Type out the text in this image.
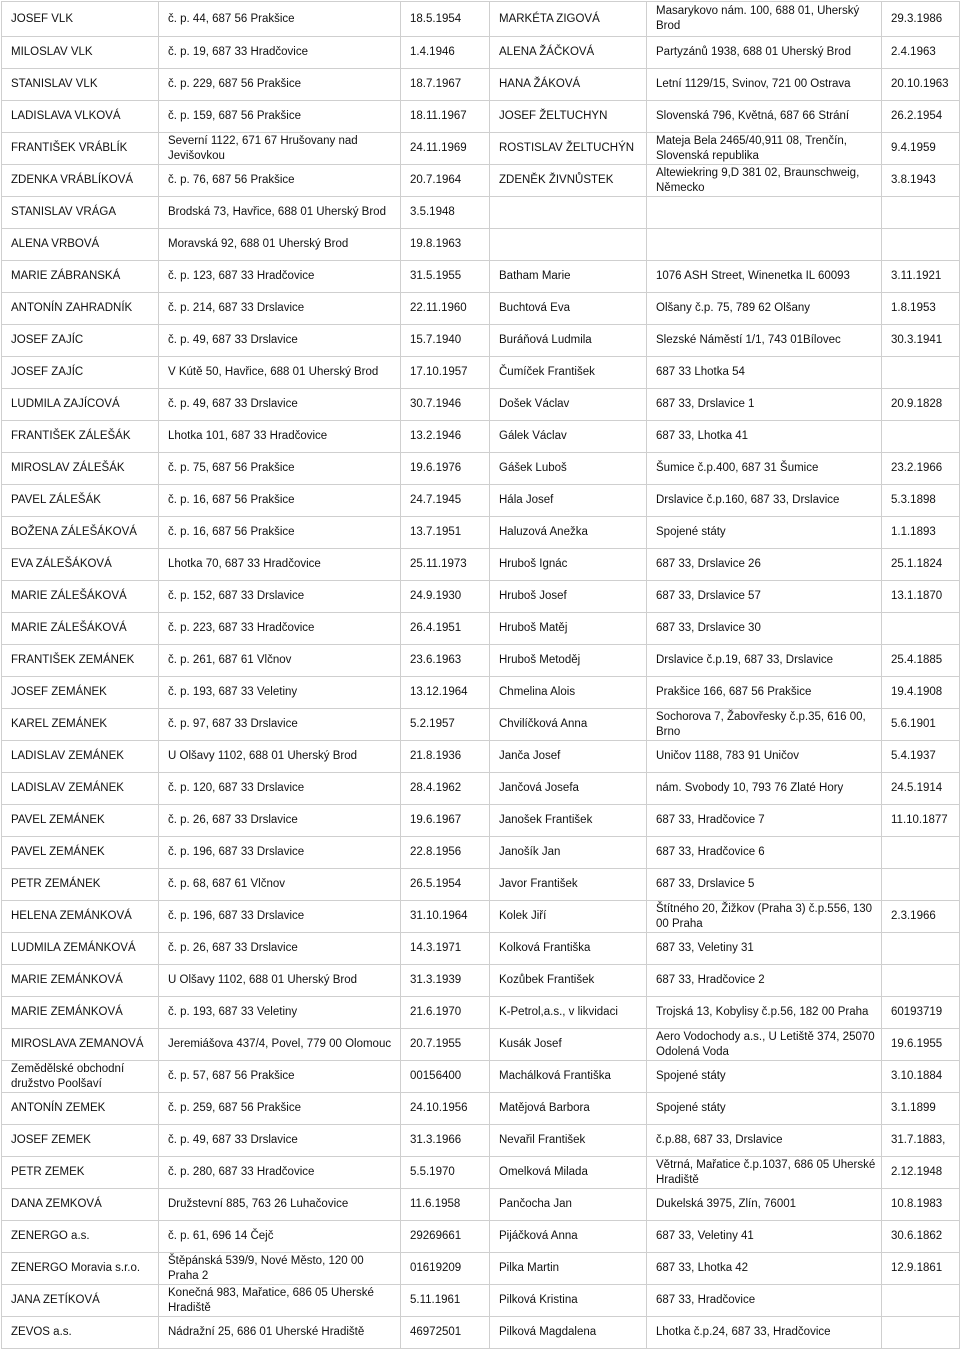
JOSEF VLK	č. p. 44, 687 56 Prakšice	18.5.1954	MARKÉTA ZIGOVÁ	Masarykovo nám. 100, 688 01, Uherský Brod	29.3.1986
MILOSLAV VLK	č. p. 19, 687 33 Hradčovice	1.4.1946	ALENA ŽÁČKOVÁ	Partyzánů 1938, 688 01 Uherský Brod	2.4.1963
STANISLAV VLK	č. p. 229, 687 56 Prakšice	18.7.1967	HANA ŽÁKOVÁ	Letní 1129/15, Svinov, 721 00 Ostrava	20.10.1963
LADISLAVA VLKOVÁ	č. p. 159, 687 56 Prakšice	18.11.1967	JOSEF ŽELTUCHYN	Slovenská 796, Květná, 687 66 Strání	26.2.1954
FRANTIŠEK VRÁBLÍK	Severní 1122, 671 67 Hrušovany nad Jevišovkou	24.11.1969	ROSTISLAV ŽELTUCHÝN	Mateja Bela 2465/40,911 08, Trenčín, Slovenská republika	9.4.1959
ZDENKA VRÁBLÍKOVÁ	č. p. 76, 687 56 Prakšice	20.7.1964	ZDENĚK ŽIVNŮSTEK	Altewiekring 9,D 381 02, Braunschweig, Německo	3.8.1943
STANISLAV VRÁGA	Brodská 73, Havřice, 688 01 Uherský Brod	3.5.1948			
ALENA VRBOVÁ	Moravská 92, 688 01 Uherský Brod	19.8.1963			
MARIE ZÁBRANSKÁ	č. p. 123, 687 33 Hradčovice	31.5.1955	Batham Marie	1076 ASH Street, Winenetka IL 60093	3.11.1921
ANTONÍN ZAHRADNÍK	č. p. 214, 687 33 Drslavice	22.11.1960	Buchtová Eva	Olšany č.p. 75, 789 62 Olšany	1.8.1953
JOSEF ZAJÍC	č. p. 49, 687 33 Drslavice	15.7.1940	Buráňová Ludmila	Slezské Náměstí 1/1, 743 01Bílovec	30.3.1941
JOSEF ZAJÍC	V Kútě 50, Havřice, 688 01 Uherský Brod	17.10.1957	Čumíček František	687 33 Lhotka 54	
LUDMILA ZAJÍCOVÁ	č. p. 49, 687 33 Drslavice	30.7.1946	Došek Václav	687 33, Drslavice 1	20.9.1828
FRANTIŠEK ZÁLEŠÁK	Lhotka 101, 687 33 Hradčovice	13.2.1946	Gálek Václav	687 33, Lhotka 41	
MIROSLAV ZÁLEŠÁK	č. p. 75, 687 56 Prakšice	19.6.1976	Gášek Luboš	Šumice č.p.400, 687 31 Šumice	23.2.1966
PAVEL ZÁLEŠÁK	č. p. 16, 687 56 Prakšice	24.7.1945	Hála Josef	Drslavice č.p.160, 687 33, Drslavice	5.3.1898
BOŽENA ZÁLEŠÁKOVÁ	č. p. 16, 687 56 Prakšice	13.7.1951	Haluzová Anežka	Spojené státy	1.1.1893
EVA ZÁLEŠÁKOVÁ	Lhotka 70, 687 33 Hradčovice	25.11.1973	Hruboš Ignác	687 33, Drslavice 26	25.1.1824
MARIE ZÁLEŠÁKOVÁ	č. p. 152, 687 33 Drslavice	24.9.1930	Hruboš Josef	687 33, Drslavice 57	13.1.1870
MARIE ZÁLEŠÁKOVÁ	č. p. 223, 687 33 Hradčovice	26.4.1951	Hruboš Matěj	687 33, Drslavice 30	
FRANTIŠEK ZEMÁNEK	č. p. 261, 687 61 Vlčnov	23.6.1963	Hruboš Metoděj	Drslavice č.p.19, 687 33, Drslavice	25.4.1885
JOSEF ZEMÁNEK	č. p. 193, 687 33 Veletiny	13.12.1964	Chmelina Alois	Prakšice 166, 687 56 Prakšice	19.4.1908
KAREL ZEMÁNEK	č. p. 97, 687 33 Drslavice	5.2.1957	Chvilíčková Anna	Sochorova 7, Žabovřesky č.p.35, 616 00, Brno	5.6.1901
LADISLAV ZEMÁNEK	U Olšavy 1102, 688 01 Uherský Brod	21.8.1936	Janča Josef	Uničov 1188, 783 91 Uničov	5.4.1937
LADISLAV ZEMÁNEK	č. p. 120, 687 33 Drslavice	28.4.1962	Jančová Josefa	nám. Svobody 10, 793 76 Zlaté Hory	24.5.1914
PAVEL ZEMÁNEK	č. p. 26, 687 33 Drslavice	19.6.1967	Janošek František	687 33, Hradčovice 7	11.10.1877
PAVEL ZEMÁNEK	č. p. 196, 687 33 Drslavice	22.8.1956	Janošík Jan	687 33, Hradčovice 6	
PETR ZEMÁNEK	č. p. 68, 687 61 Vlčnov	26.5.1954	Javor František	687 33, Drslavice 5	
HELENA ZEMÁNKOVÁ	č. p. 196, 687 33 Drslavice	31.10.1964	Kolek Jiří	Štítného 20, Žižkov (Praha 3) č.p.556, 130 00 Praha	2.3.1966
LUDMILA ZEMÁNKOVÁ	č. p. 26, 687 33 Drslavice	14.3.1971	Kolková Františka	687 33, Veletiny 31	
MARIE ZEMÁNKOVÁ	U Olšavy 1102, 688 01 Uherský Brod	31.3.1939	Kozůbek František	687 33, Hradčovice 2	
MARIE ZEMÁNKOVÁ	č. p. 193, 687 33 Veletiny	21.6.1970	K-Petrol,a.s., v likvidaci	Trojská 13, Kobylisy č.p.56, 182 00 Praha	60193719
MIROSLAVA ZEMANOVÁ	Jeremiášova 437/4, Povel, 779 00 Olomouc	20.7.1955	Kusák Josef	Aero Vodochody a.s., U Letiště 374, 25070 Odolená Voda	19.6.1955
Zemědělské obchodní družstvo Poolšaví	č. p. 57, 687 56 Prakšice	00156400	Machálková Františka	Spojené státy	3.10.1884
ANTONÍN ZEMEK	č. p. 259, 687 56 Prakšice	24.10.1956	Matějová Barbora	Spojené státy	3.1.1899
JOSEF ZEMEK	č. p. 49, 687 33 Drslavice	31.3.1966	Nevařil František	č.p.88, 687 33, Drslavice	31.7.1883,
PETR ZEMEK	č. p. 280, 687 33 Hradčovice	5.5.1970	Omelková Milada	Větrná, Mařatice č.p.1037, 686 05 Uherské Hradiště	2.12.1948
DANA ZEMKOVÁ	Družstevní 885, 763 26 Luhačovice	11.6.1958	Pančocha Jan	Dukelská 3975, Zlín, 76001	10.8.1983
ZENERGO a.s.	č. p. 61, 696 14 Čejč	29269661	Pijáčková Anna	687 33, Veletiny 41	30.6.1862
ZENERGO Moravia s.r.o.	Štěpánská 539/9, Nové Město, 120 00 Praha 2	01619209	Pilka Martin	687 33, Lhotka 42	12.9.1861
JANA ZETÍKOVÁ	Konečná 983, Mařatice, 686 05 Uherské Hradiště	5.11.1961	Pilková Kristina	687 33, Hradčovice	
ZEVOS a.s.	Nádražní 25, 686 01 Uherské Hradiště	46972501	Pilková Magdalena	Lhotka č.p.24, 687 33, Hradčovice	
